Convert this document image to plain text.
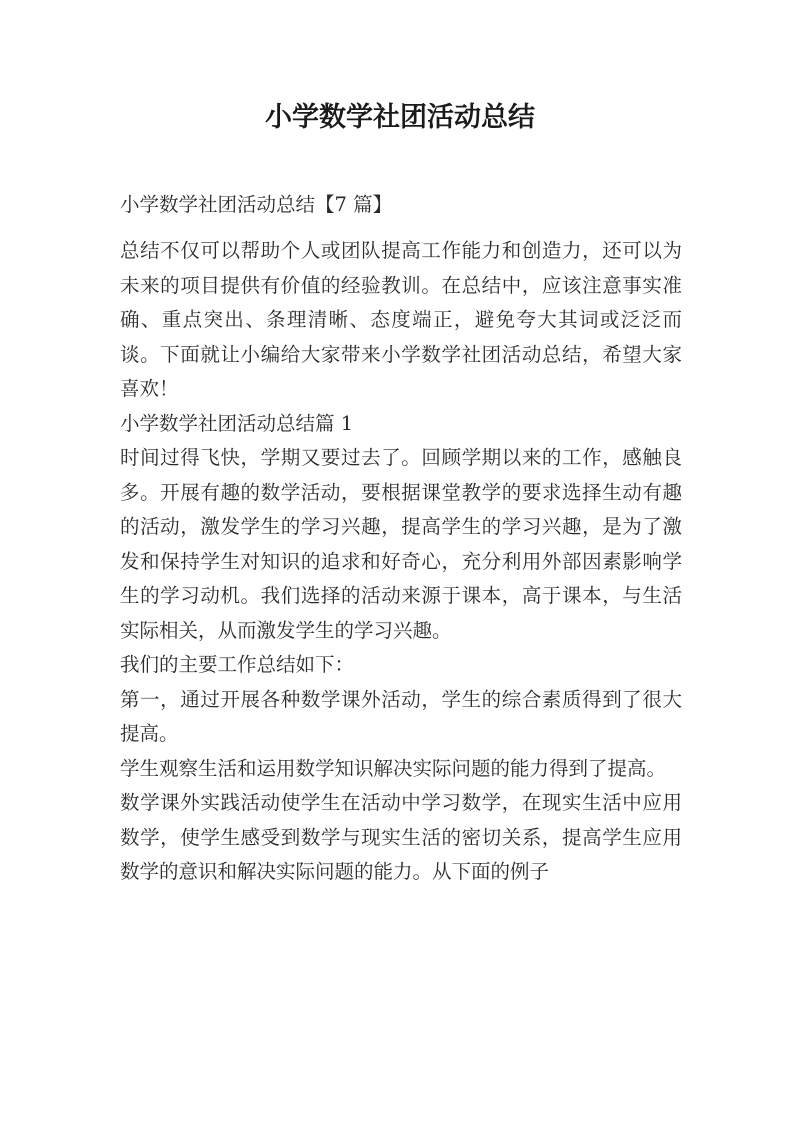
小学数学社团活动总结

小学数学社团活动总结【7 篇】

总结不仅可以帮助个人或团队提高工作能力和创造力，还可以为未来的项目提供有价值的经验教训。在总结中，应该注意事实准确、重点突出、条理清晰、态度端正，避免夸大其词或泛泛而谈。下面就让小编给大家带来小学数学社团活动总结，希望大家喜欢！

小学数学社团活动总结篇 1

时间过得飞快，学期又要过去了。回顾学期以来的工作，感触良多。开展有趣的数学活动，要根据课堂教学的要求选择生动有趣的活动，激发学生的学习兴趣，提高学生的学习兴趣，是为了激发和保持学生对知识的追求和好奇心，充分利用外部因素影响学生的学习动机。我们选择的活动来源于课本，高于课本，与生活实际相关，从而激发学生的学习兴趣。

我们的主要工作总结如下：

第一，通过开展各种数学课外活动，学生的综合素质得到了很大提高。

学生观察生活和运用数学知识解决实际问题的能力得到了提高。

数学课外实践活动使学生在活动中学习数学，在现实生活中应用数学，使学生感受到数学与现实生活的密切关系，提高学生应用数学的意识和解决实际问题的能力。从下面的例子
